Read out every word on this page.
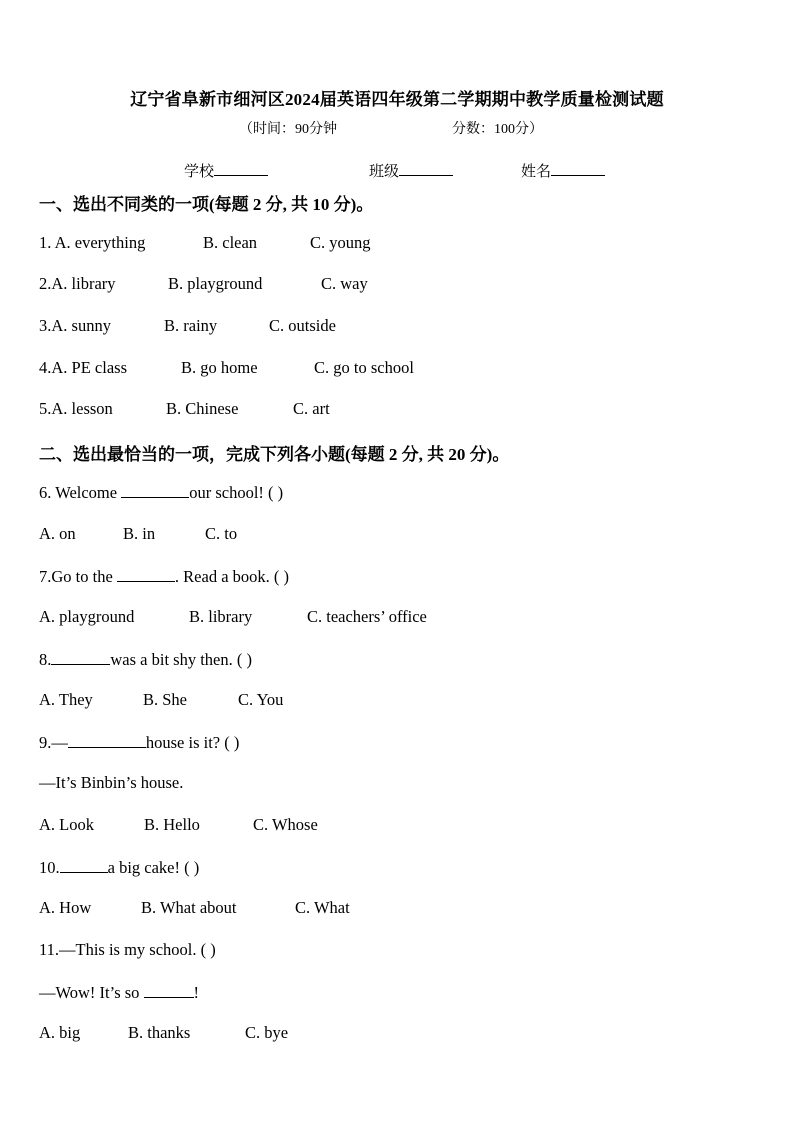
辽宁省阜新市细河区2024届英语四年级第二学期期中教学质量检测试题
（时间：90分钟	分数：100分）
学校	班级	姓名
一、选出不同类的一项(每题 2 分, 共 10 分)。
1. A. everything	B. clean	C. young
2.A. library	B. playground	C. way
3.A. sunny	B. rainy	C. outside
4.A. PE class	B. go home	C. go to school
5.A. lesson	B. Chinese	C. art
二、选出最恰当的一项，完成下列各小题(每题 2 分, 共 20 分)。
6. Welcome	our school! ( )
A. on	B. in	C. to
7.Go to the	. Read a book. ( )
A. playground	B. library	C. teachers’ office
8.	was a bit shy then. ( )
A. They	B. She	C. You
9.—	house is it? ( )
—It’s Binbin’s house.
A. Look	B. Hello	C. Whose
10.	a big cake! ( )
A. How	B. What about	C. What
11.—This is my school. ( )
—Wow! It’s so	!
A. big	B. thanks	C. bye
